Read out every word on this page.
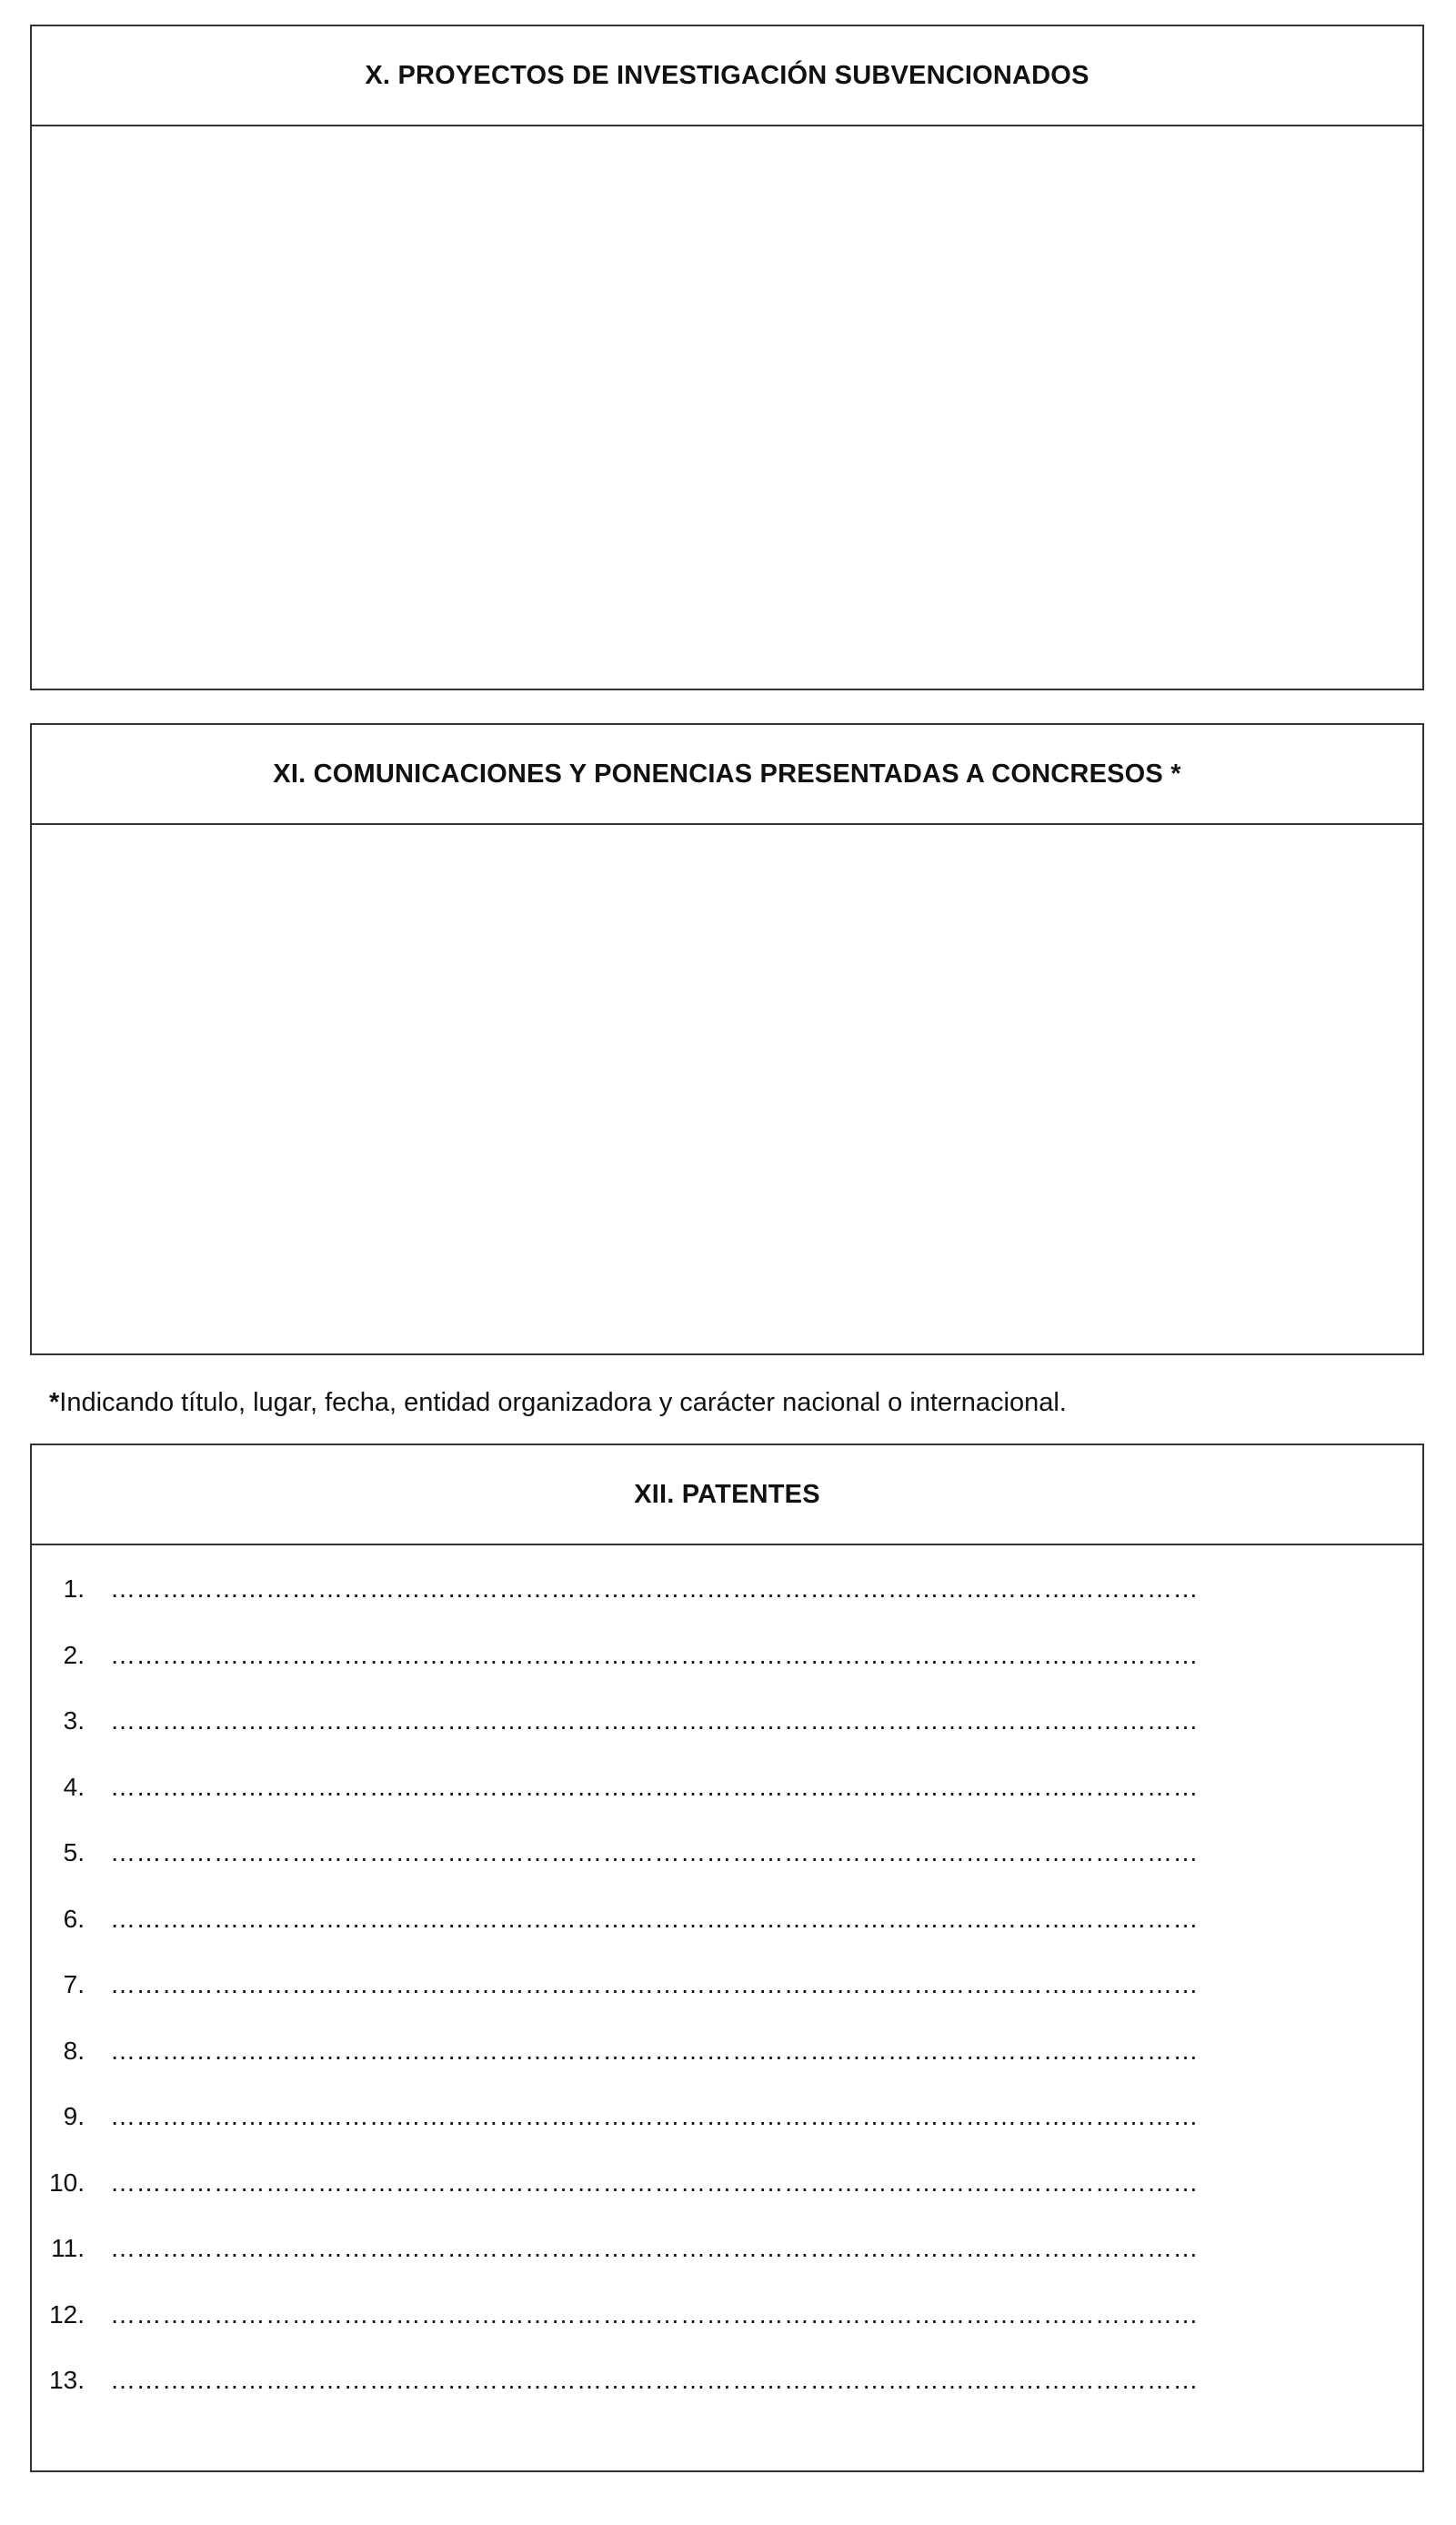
X. PROYECTOS DE INVESTIGACIÓN SUBVENCIONADOS
XI. COMUNICACIONES Y PONENCIAS PRESENTADAS A CONCRESOS *
*Indicando título, lugar, fecha, entidad organizadora y carácter nacional o internacional.
XII. PATENTES
1. ………………………………………………………………………………………………………………
2. ………………………………………………………………………………………………………………
3. ………………………………………………………………………………………………………………
4. ………………………………………………………………………………………………………………
5. ………………………………………………………………………………………………………………
6. ………………………………………………………………………………………………………………
7. ………………………………………………………………………………………………………………
8. ………………………………………………………………………………………………………………
9. ………………………………………………………………………………………………………………
10. ………………………………………………………………………………………………………………
11. ………………………………………………………………………………………………………………
12. ………………………………………………………………………………………………………………
13. ………………………………………………………………………………………………………………
